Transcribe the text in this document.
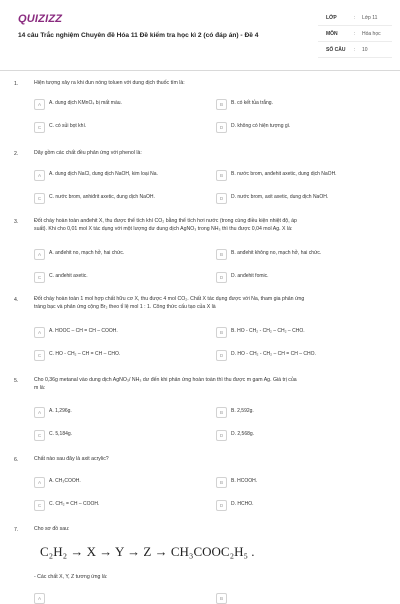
QUIZIZZ
14 câu Trắc nghiệm Chuyên đề Hóa 11 Đề kiểm tra học kì 2 (có đáp án) - Đề 4
LỚP	: Lớp 11
MÔN	: Hóa học
SỐ CÂU : 10
1.	Hiện tượng xảy ra khi đun nóng toluen với dung dịch thuốc tím là:
A	A. dung dịch KMnO₄ bị mất màu.	B	B. có kết tủa trắng.
C	C. có sủi bọt khí.	D	D. không có hiện tượng gì.
2.	Dãy gồm các chất đều phản ứng với phenol là:
A	A. dung dịch NaCl, dung dịch NaOH, kim loại Na.	B	B. nước brom, anđehit axetic, dung dịch NaOH.
C	C. nước brom, anhiđrit axetic, dung dịch NaOH.	D	D. nước brom, axit axetic, dung dịch NaOH.
3.	Đốt cháy hoàn toàn anđehit X, thu được thể tích khí CO₂ bằng thể tích hơi nước (trong cùng điều kiện nhiệt độ, áp
suất). Khi cho 0,01 mol X tác dụng với một lượng dư dung dịch AgNO₃ trong NH₃ thì thu được 0,04 mol Ag. X là:
A	A. anđehit no, mạch hở, hai chức.	B	B. anđehit không no, mạch hở, hai chức.
C	C. anđehit axetic.	D	D. anđehit fomic.
4.	Đốt cháy hoàn toàn 1 mol hợp chất hữu cơ X, thu được 4 mol CO₂. Chất X tác dụng được với Na, tham gia phản ứng
tráng bạc và phản ứng cộng Br₂ theo tỉ lệ mol 1 : 1. Công thức cấu tạo của X là
A	A. HOOC – CH = CH – COOH.	B	B. HO - CH₂ - CH₂ – CH₂ – CHO.
C	C. HO - CH₂ – CH = CH – CHO.	D	D. HO - CH₂ - CH₂ – CH = CH – CHO.
5.	Cho 0,36g metanal vào dung dịch AgNO₃/ NH₃ dư đến khi phản ứng hoàn toàn thì thu được m gam Ag. Giá trị của
m là:
A	A. 1,296g.	B	B. 2,592g.
C	C. 5,184g.	D	D. 2,568g.
6.	Chất nào sau đây là axit acrylic?
A	A. CH₃COOH.	B	B. HCOOH.
C	C. CH₂ = CH – COOH.	D	D. HCHO.
7.	Cho sơ đồ sau:
C₂H₂ → X → Y → Z → CH₃COOC₂H₅ .
- Các chất X, Y, Z tương ứng là:
A	B
